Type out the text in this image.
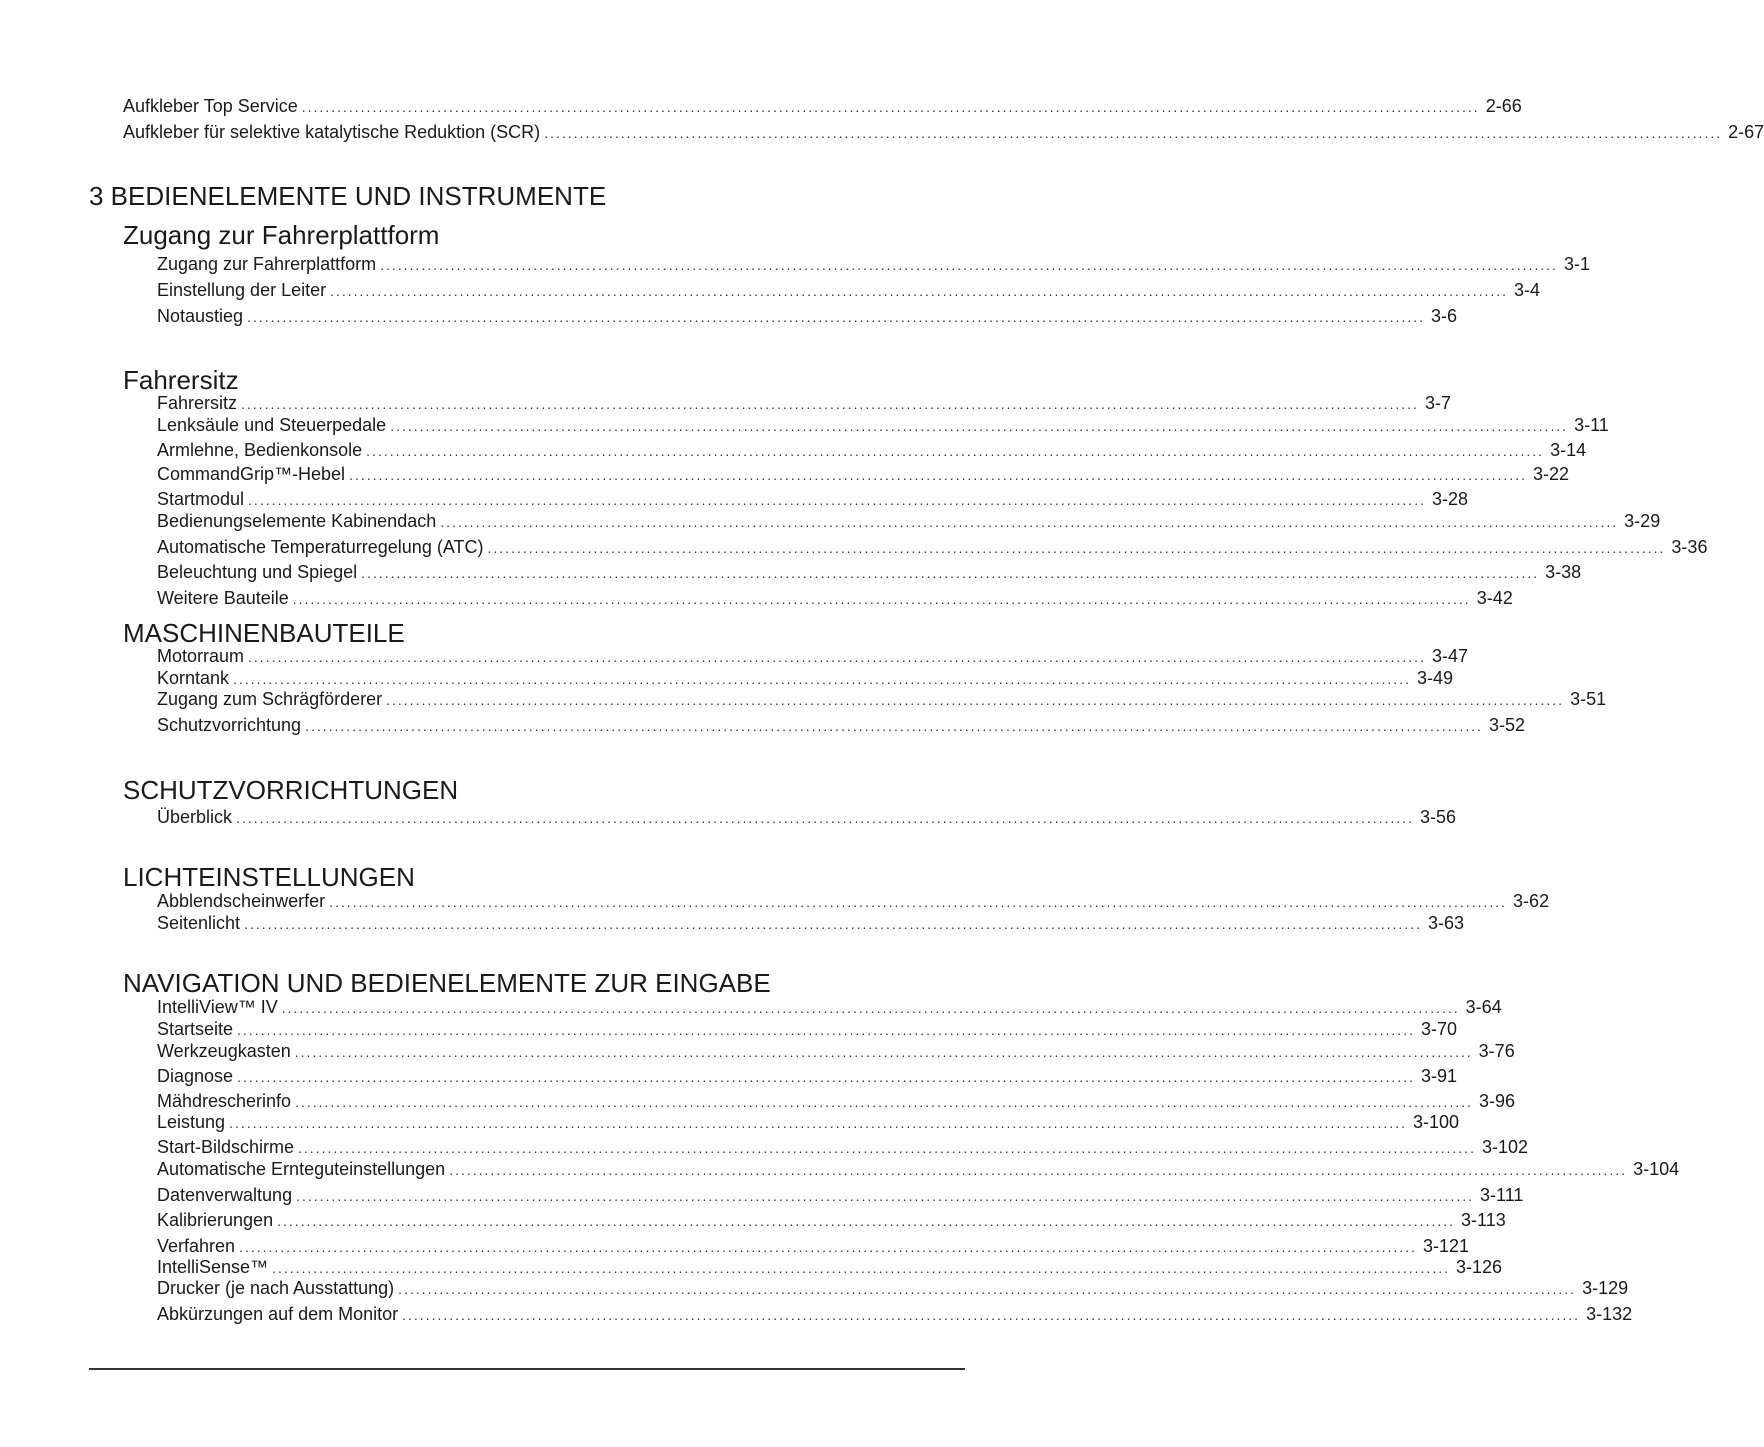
Aufkleber Top Service ........................................................................................................................................................................................................ 2-66
Aufkleber für selektive katalytische Reduktion (SCR) ........................................................................................................................................................................................................ 2-67
3 BEDIENELEMENTE UND INSTRUMENTE
Zugang zur Fahrerplattform
Zugang zur Fahrerplattform ........................................................................................................................................................................................................ 3-1
Einstellung der Leiter ........................................................................................................................................................................................................ 3-4
Notaustieg ........................................................................................................................................................................................................ 3-6
Fahrersitz
Fahrersitz ........................................................................................................................................................................................................ 3-7
Lenksäule und Steuerpedale ........................................................................................................................................................................................................ 3-11
Armlehne, Bedienkonsole ........................................................................................................................................................................................................ 3-14
CommandGrip™-Hebel ........................................................................................................................................................................................................ 3-22
Startmodul ........................................................................................................................................................................................................ 3-28
Bedienungselemente Kabinendach ........................................................................................................................................................................................................ 3-29
Automatische Temperaturregelung (ATC) ........................................................................................................................................................................................................ 3-36
Beleuchtung und Spiegel ........................................................................................................................................................................................................ 3-38
Weitere Bauteile ........................................................................................................................................................................................................ 3-42
MASCHINENBAUTEILE
Motorraum ........................................................................................................................................................................................................ 3-47
Korntank ........................................................................................................................................................................................................ 3-49
Zugang zum Schrägförderer ........................................................................................................................................................................................................ 3-51
Schutzvorrichtung ........................................................................................................................................................................................................ 3-52
SCHUTZVORRICHTUNGEN
Überblick ........................................................................................................................................................................................................ 3-56
LICHTEINSTELLUNGEN
Abblendscheinwerfer ........................................................................................................................................................................................................ 3-62
Seitenlicht ........................................................................................................................................................................................................ 3-63
NAVIGATION UND BEDIENELEMENTE ZUR EINGABE
IntelliView™ IV ........................................................................................................................................................................................................ 3-64
Startseite ........................................................................................................................................................................................................ 3-70
Werkzeugkasten ........................................................................................................................................................................................................ 3-76
Diagnose ........................................................................................................................................................................................................ 3-91
Mähdrescherinfo ........................................................................................................................................................................................................ 3-96
Leistung ........................................................................................................................................................................................................ 3-100
Start-Bildschirme ........................................................................................................................................................................................................ 3-102
Automatische Ernteguteinstellungen ........................................................................................................................................................................................................ 3-104
Datenverwaltung ........................................................................................................................................................................................................ 3-111
Kalibrierungen ........................................................................................................................................................................................................ 3-113
Verfahren ........................................................................................................................................................................................................ 3-121
IntelliSense™ ........................................................................................................................................................................................................ 3-126
Drucker (je nach Ausstattung) ........................................................................................................................................................................................................ 3-129
Abkürzungen auf dem Monitor ........................................................................................................................................................................................................ 3-132
